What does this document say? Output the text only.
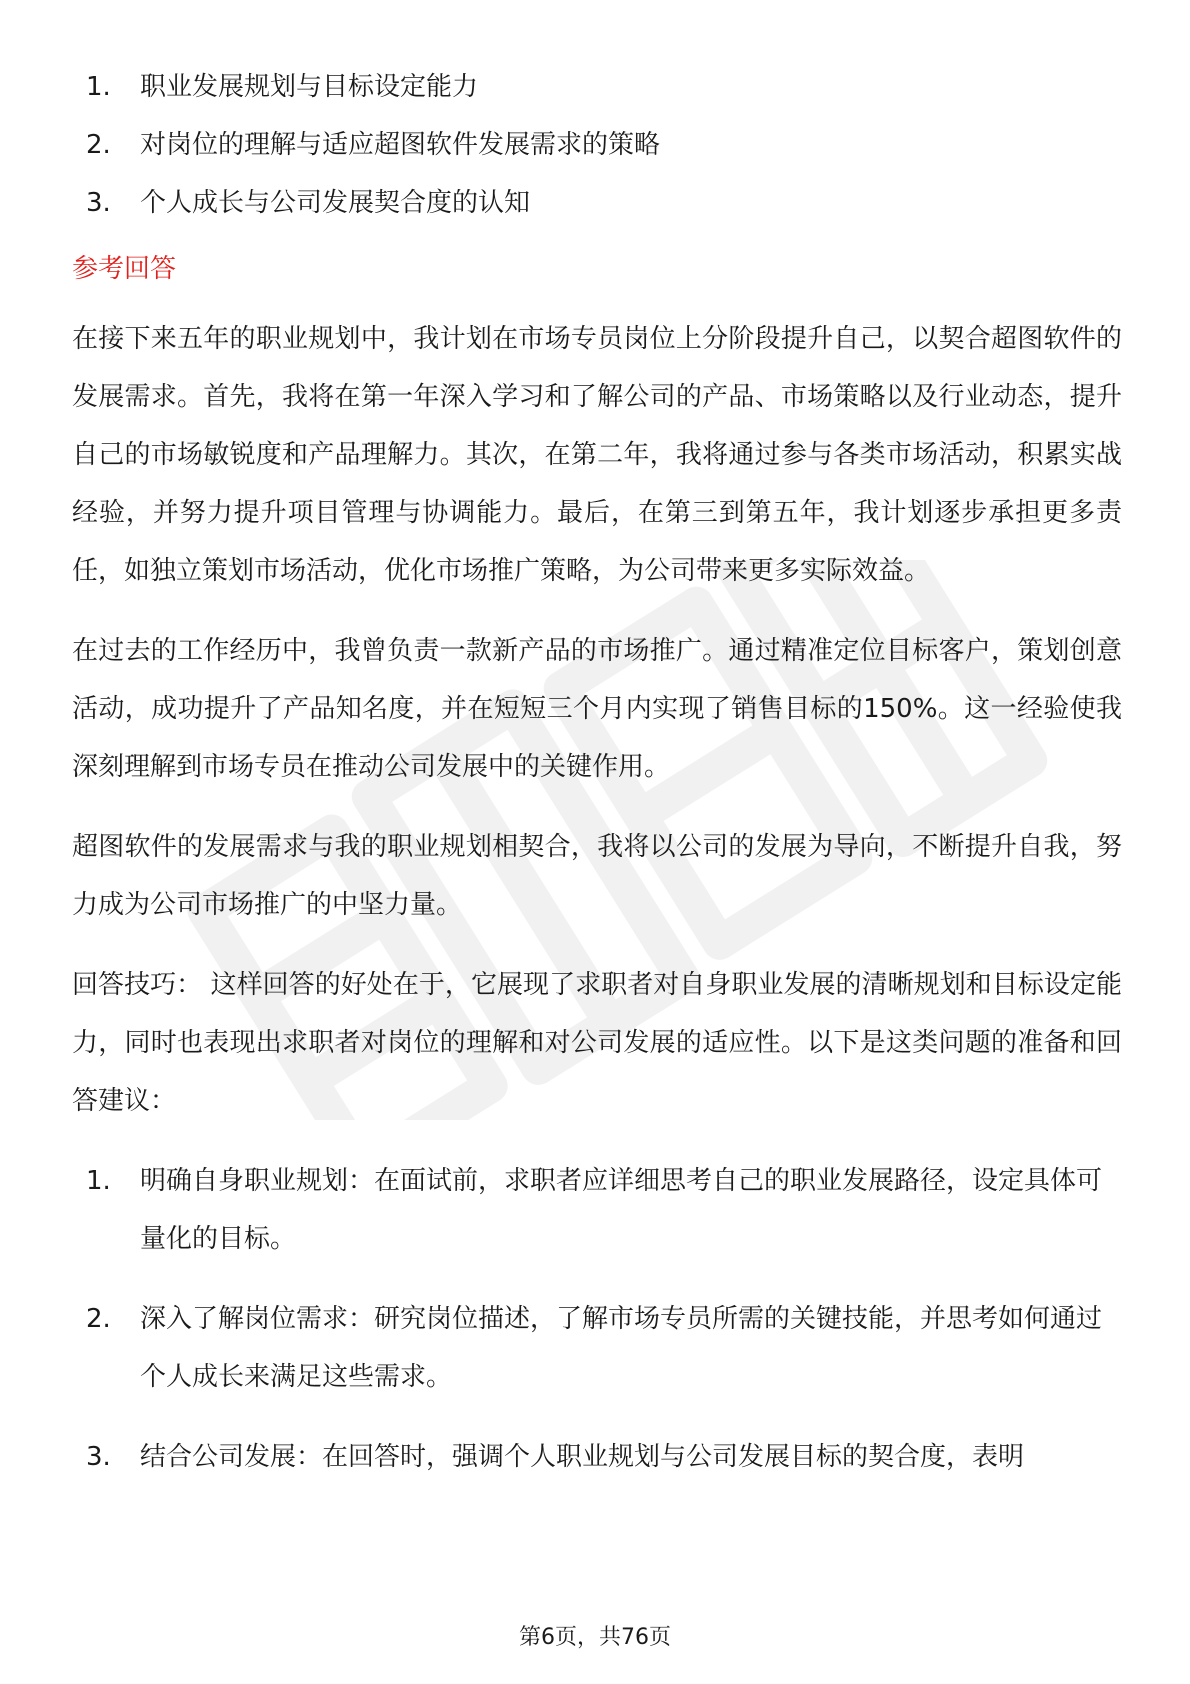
1.	职业发展规划与目标设定能力
2.	对岗位的理解与适应超图软件发展需求的策略
3.	个人成长与公司发展契合度的认知
参考回答

在接下来五年的职业规划中，我计划在市场专员岗位上分阶段提升自己，以契合超图软件的发展需求。首先，我将在第一年深入学习和了解公司的产品、市场策略以及行业动态，提升自己的市场敏锐度和产品理解力。其次，在第二年，我将通过参与各类市场活动，积累实战经验，并努力提升项目管理与协调能力。最后，在第三到第五年，我计划逐步承担更多责任，如独立策划市场活动，优化市场推广策略，为公司带来更多实际效益。

在过去的工作经历中，我曾负责一款新产品的市场推广。通过精准定位目标客户，策划创意活动，成功提升了产品知名度，并在短短三个月内实现了销售目标的150%。这一经验使我深刻理解到市场专员在推动公司发展中的关键作用。

超图软件的发展需求与我的职业规划相契合，我将以公司的发展为导向，不断提升自我，努力成为公司市场推广的中坚力量。

回答技巧： 这样回答的好处在于，它展现了求职者对自身职业发展的清晰规划和目标设定能力，同时也表现出求职者对岗位的理解和对公司发展的适应性。以下是这类问题的准备和回答建议：

1.	明确自身职业规划：在面试前，求职者应详细思考自己的职业发展路径，设定具体可量化的目标。
2.	深入了解岗位需求：研究岗位描述，了解市场专员所需的关键技能，并思考如何通过个人成长来满足这些需求。
3.	结合公司发展：在回答时，强调个人职业规划与公司发展目标的契合度，表明
第6页，共76页
